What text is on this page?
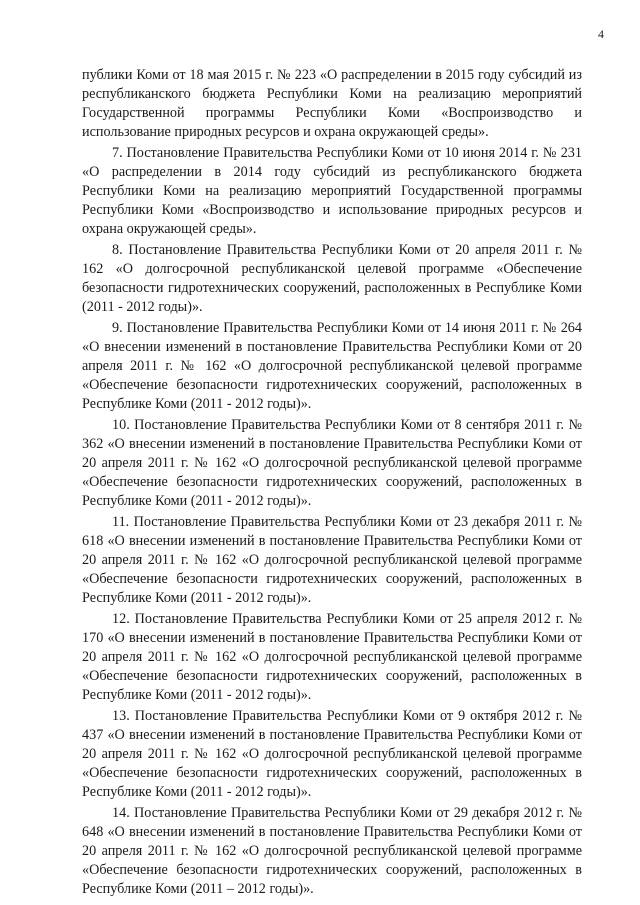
4

публики Коми от 18 мая 2015 г. № 223 «О распределении в 2015 году субсидий из республиканского бюджета Республики Коми на реализацию мероприятий Государственной программы Республики Коми «Воспроизводство и использование природных ресурсов и охрана окружающей среды».

7. Постановление Правительства Республики Коми от 10 июня 2014 г. № 231 «О распределении в 2014 году субсидий из республиканского бюджета Республики Коми на реализацию мероприятий Государственной программы Республики Коми «Воспроизводство и использование природных ресурсов и охрана окружающей среды».

8. Постановление Правительства Республики Коми от 20 апреля 2011 г. № 162 «О долгосрочной республиканской целевой программе «Обеспечение безопасности гидротехнических сооружений, расположенных в Республике Коми (2011 - 2012 годы)».

9. Постановление Правительства Республики Коми от 14 июня 2011 г. № 264 «О внесении изменений в постановление Правительства Республики Коми от 20 апреля 2011 г. № 162 «О долгосрочной республиканской целевой программе «Обеспечение безопасности гидротехнических сооружений, расположенных в Республике Коми (2011 - 2012 годы)».

10. Постановление Правительства Республики Коми от 8 сентября 2011 г. № 362 «О внесении изменений в постановление Правительства Республики Коми от 20 апреля 2011 г. № 162 «О долгосрочной республиканской целевой программе «Обеспечение безопасности гидротехнических сооружений, расположенных в Республике Коми (2011 - 2012 годы)».

11. Постановление Правительства Республики Коми от 23 декабря 2011 г. № 618 «О внесении изменений в постановление Правительства Республики Коми от 20 апреля 2011 г. № 162 «О долгосрочной республиканской целевой программе «Обеспечение безопасности гидротехнических сооружений, расположенных в Республике Коми (2011 - 2012 годы)».

12. Постановление Правительства Республики Коми от 25 апреля 2012 г. № 170 «О внесении изменений в постановление Правительства Республики Коми от 20 апреля 2011 г. № 162 «О долгосрочной республиканской целевой программе «Обеспечение безопасности гидротехнических сооружений, расположенных в Республике Коми (2011 - 2012 годы)».

13. Постановление Правительства Республики Коми от 9 октября 2012 г. № 437 «О внесении изменений в постановление Правительства Республики Коми от 20 апреля 2011 г. № 162 «О долгосрочной республиканской целевой программе «Обеспечение безопасности гидротехнических сооружений, расположенных в Республике Коми (2011 - 2012 годы)».

14. Постановление Правительства Республики Коми от 29 декабря 2012 г. № 648 «О внесении изменений в постановление Правительства Республики Коми от 20 апреля 2011 г. № 162 «О долгосрочной республиканской целевой программе «Обеспечение безопасности гидротехнических сооружений, расположенных в Республике Коми (2011 – 2012 годы)».
